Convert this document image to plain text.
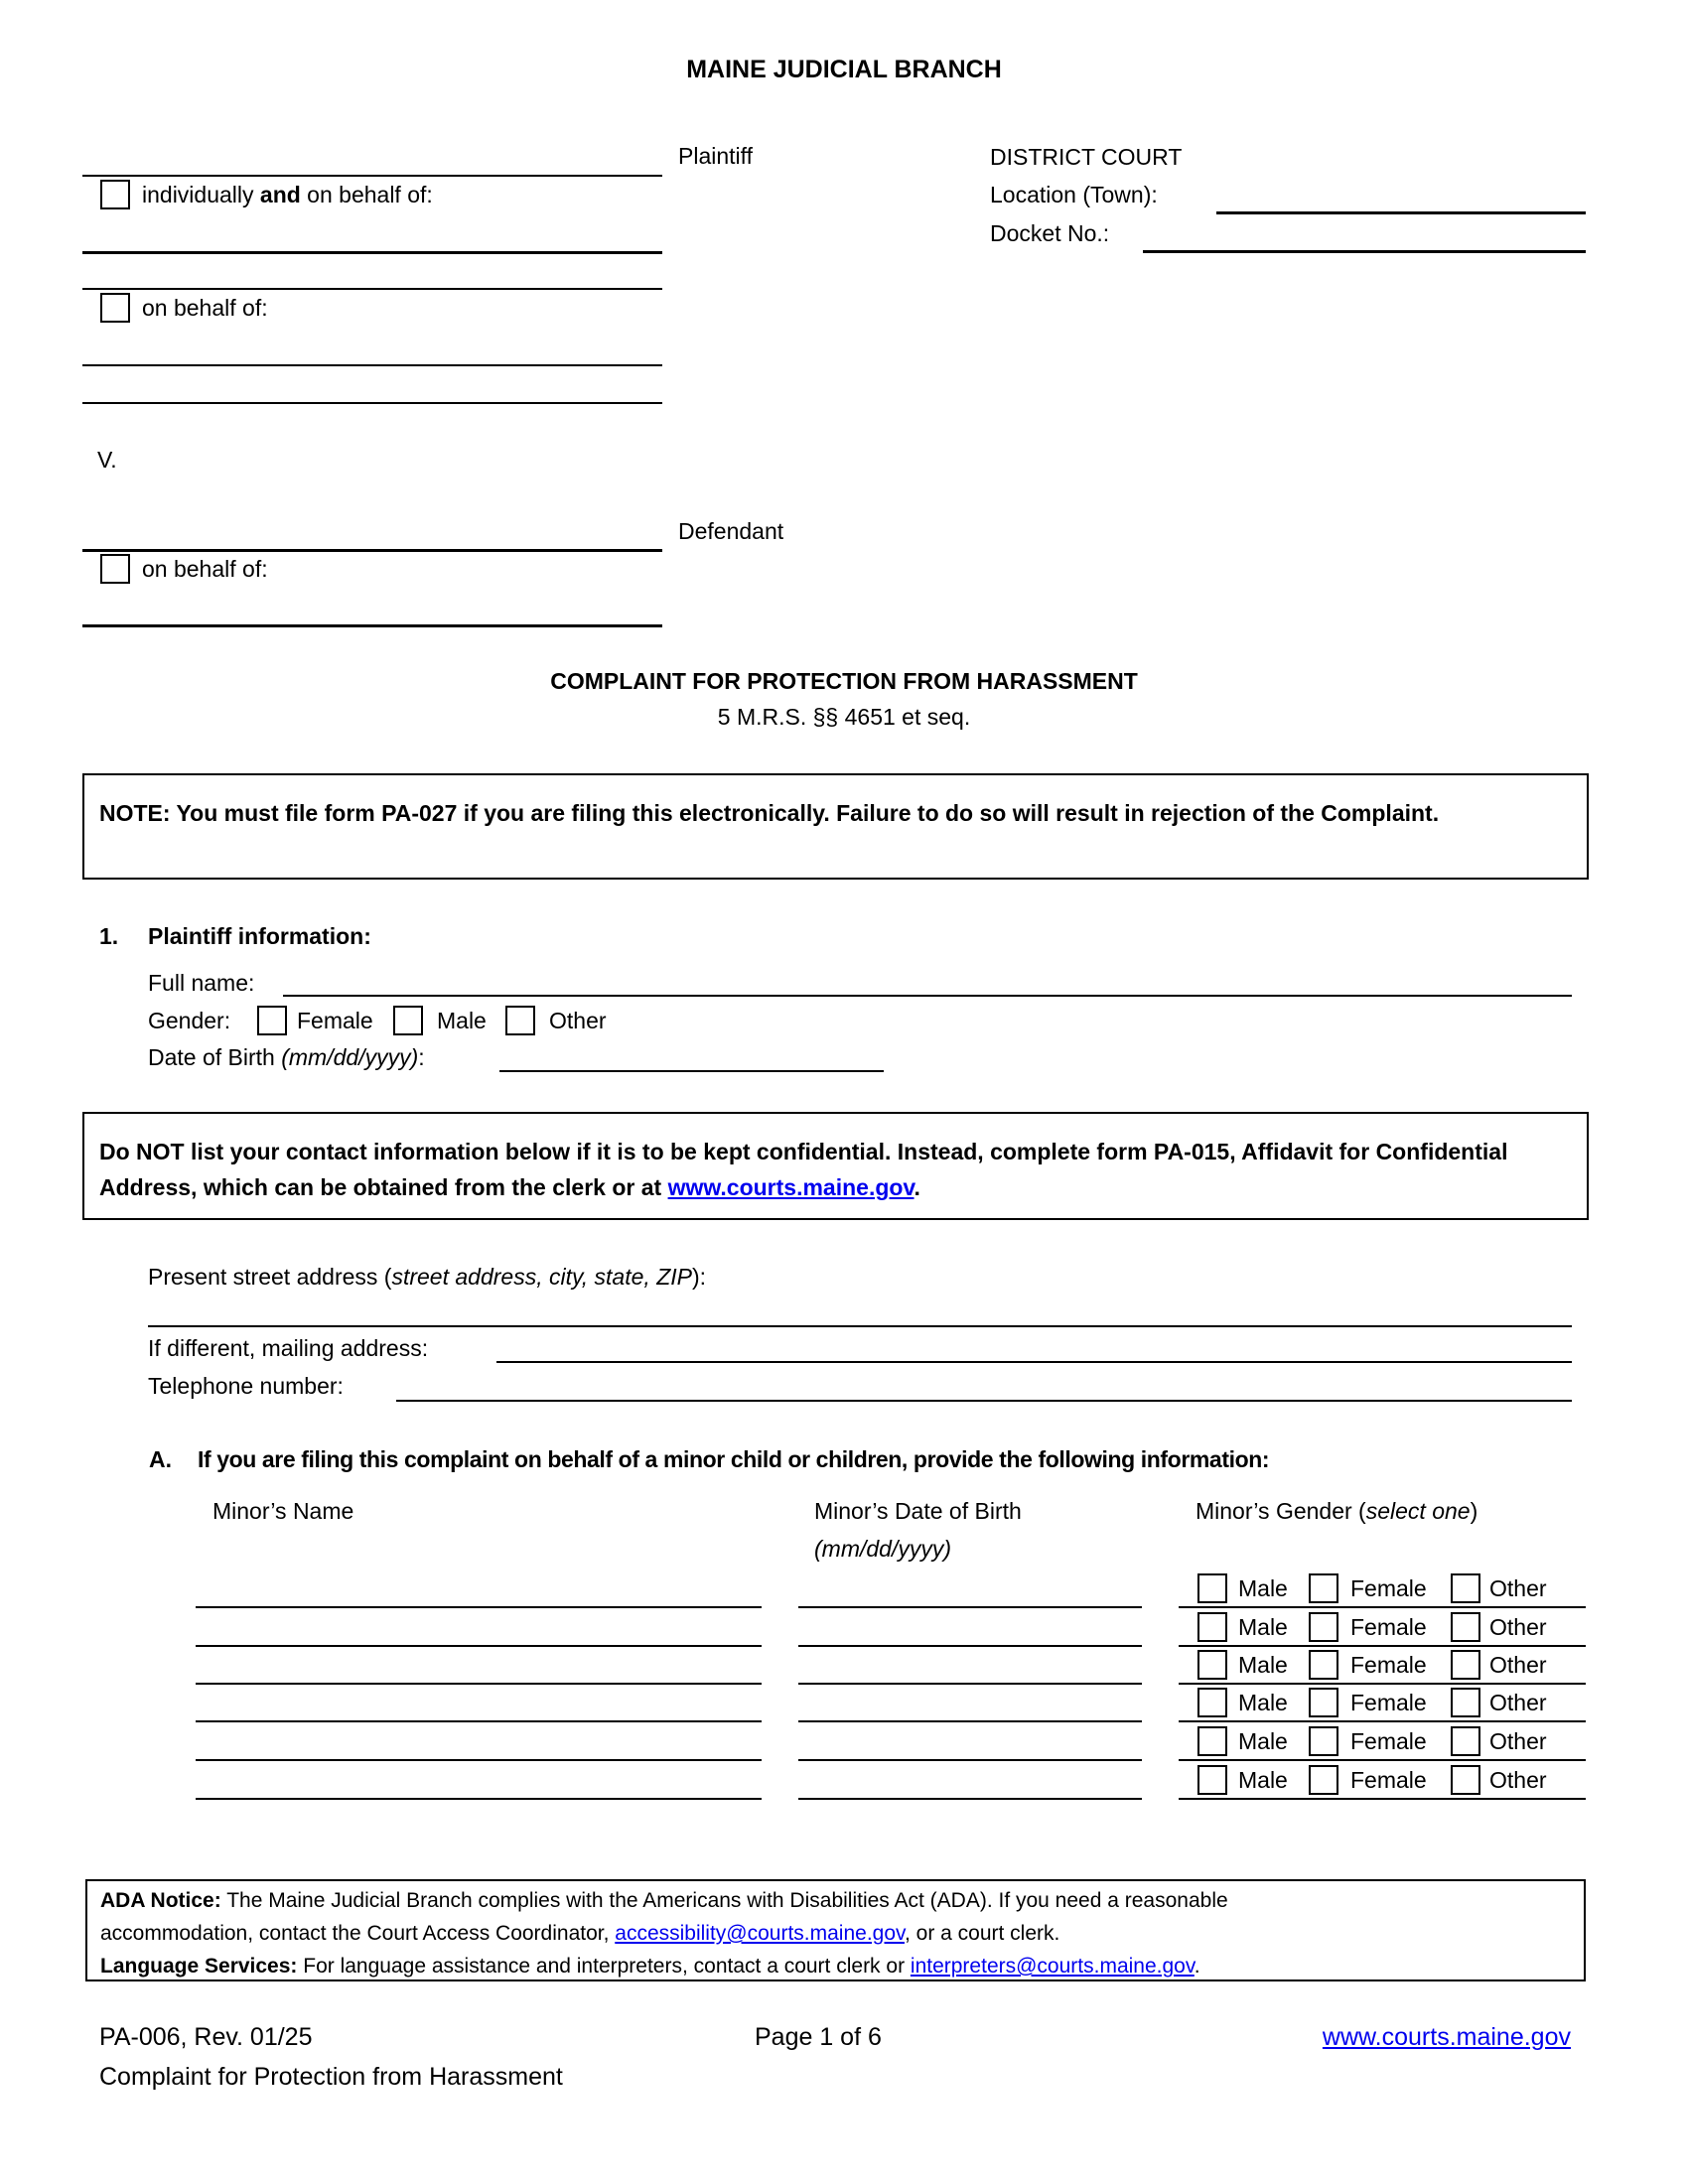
MAINE JUDICIAL BRANCH
Plaintiff
individually and on behalf of:
on behalf of:
V.
Defendant
on behalf of:
DISTRICT COURT
Location (Town):
Docket No.:
COMPLAINT FOR PROTECTION FROM HARASSMENT
5 M.R.S. §§ 4651 et seq.
NOTE: You must file form PA-027 if you are filing this electronically. Failure to do so will result in rejection of the Complaint.
1. Plaintiff information:
Full name:
Gender:	Female	Male	Other
Date of Birth (mm/dd/yyyy):
Do NOT list your contact information below if it is to be kept confidential. Instead, complete form PA-015, Affidavit for Confidential Address, which can be obtained from the clerk or at www.courts.maine.gov.
Present street address (street address, city, state, ZIP):
If different, mailing address:
Telephone number:
A. If you are filing this complaint on behalf of a minor child or children, provide the following information:
Minor’s Name	Minor’s Date of Birth
(mm/dd/yyyy)
Minor’s Gender (select one)
Male	Female	Other
Male	Female	Other
Male	Female	Other
Male	Female	Other
Male	Female	Other
Male	Female	Other
ADA Notice: The Maine Judicial Branch complies with the Americans with Disabilities Act (ADA). If you need a reasonable
accommodation, contact the Court Access Coordinator, accessibility@courts.maine.gov, or a court clerk.
Language Services: For language assistance and interpreters, contact a court clerk or interpreters@courts.maine.gov.
PA-006, Rev. 01/25
Complaint for Protection from Harassment
Page 1 of 6	www.courts.maine.gov
